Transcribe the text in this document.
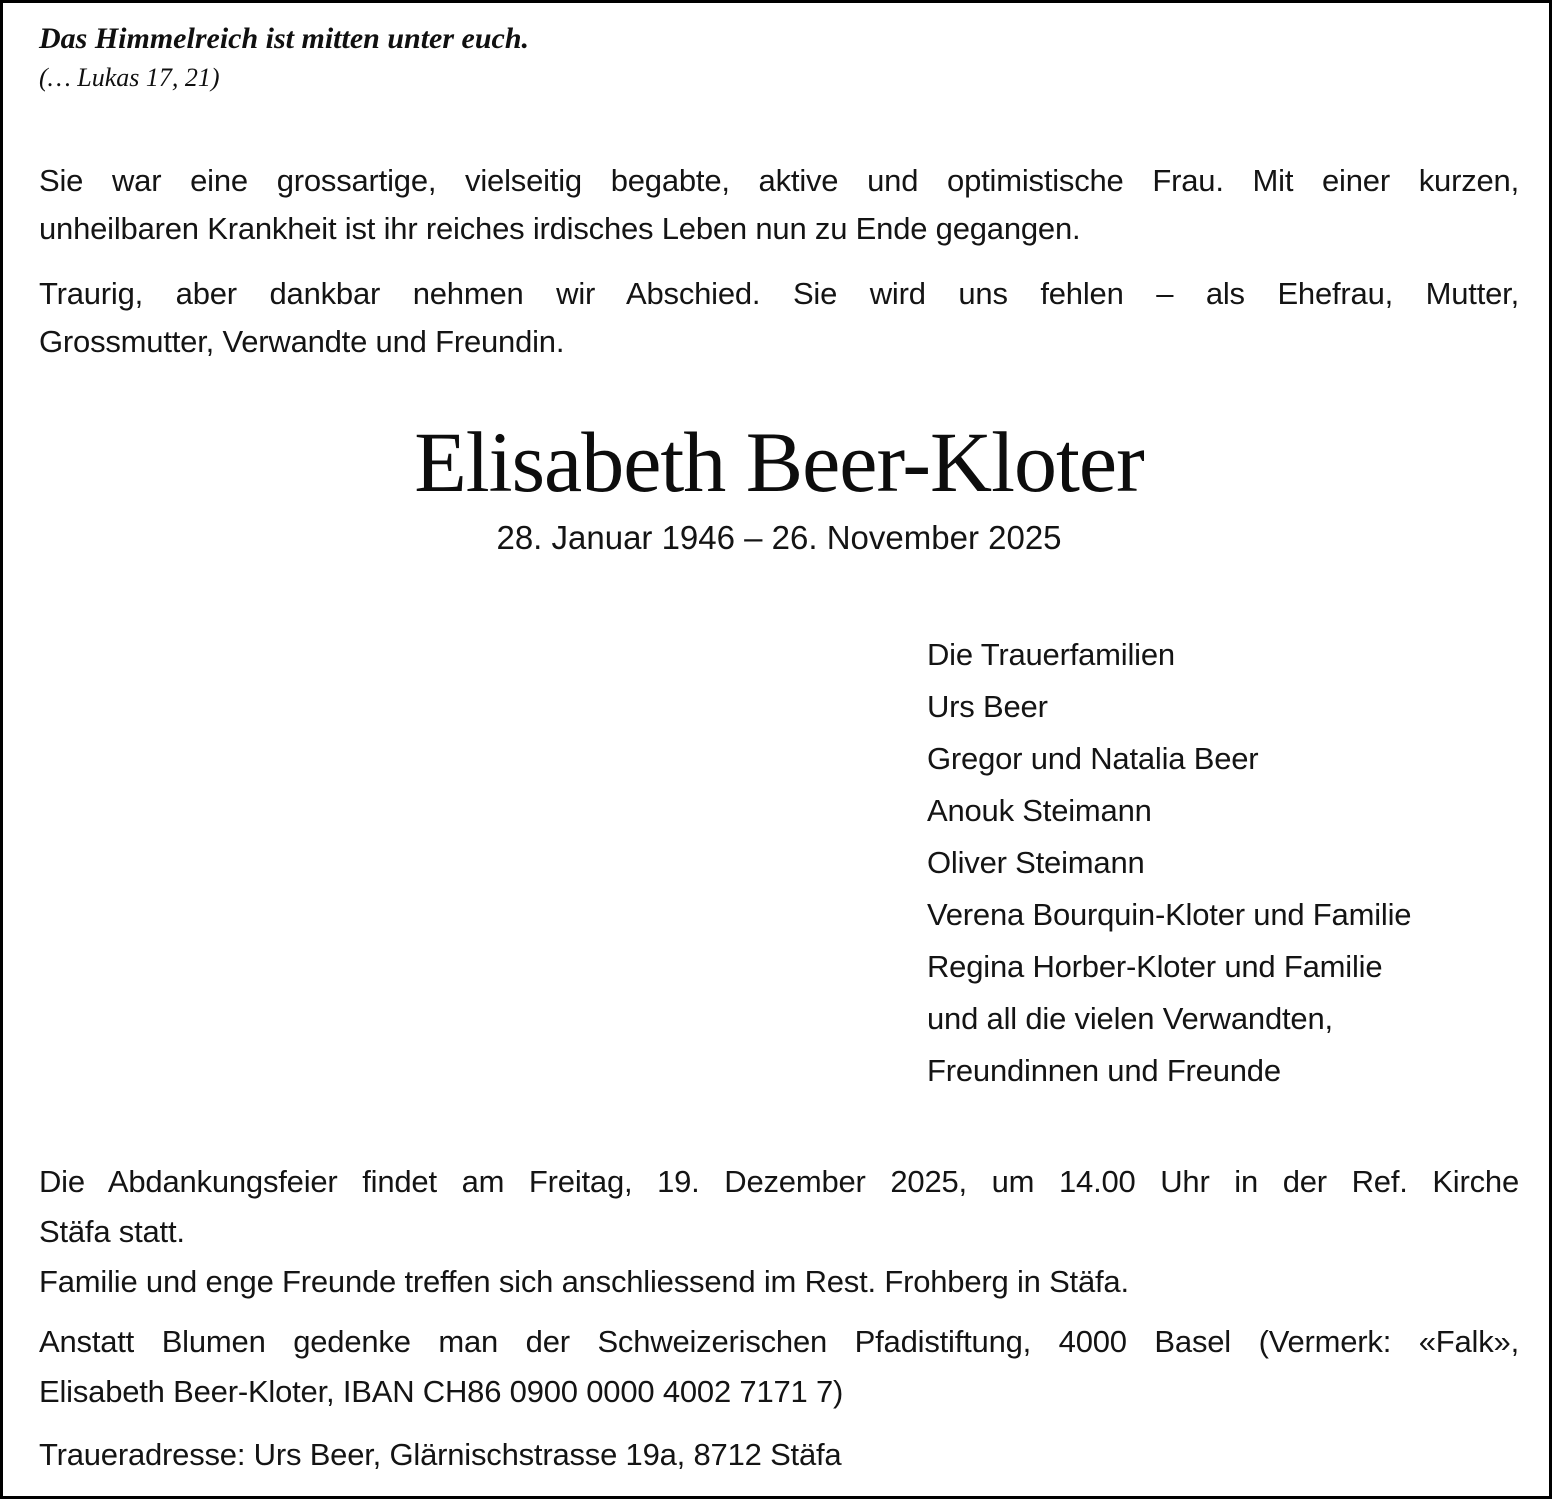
Das Himmelreich ist mitten unter euch.
(… Lukas 17, 21)
Sie war eine grossartige, vielseitig begabte, aktive und optimistische Frau. Mit einer kurzen,
unheilbaren Krankheit ist ihr reiches irdisches Leben nun zu Ende gegangen.
Traurig, aber dankbar nehmen wir Abschied. Sie wird uns fehlen – als Ehefrau, Mutter,
Grossmutter, Verwandte und Freundin.
Elisabeth Beer-Kloter
28. Januar 1946 – 26. November 2025
Die Trauerfamilien
Urs Beer
Gregor und Natalia Beer
Anouk Steimann
Oliver Steimann
Verena Bourquin-Kloter und Familie
Regina Horber-Kloter und Familie
und all die vielen Verwandten,
Freundinnen und Freunde
Die Abdankungsfeier findet am Freitag, 19. Dezember 2025, um 14.00 Uhr in der Ref. Kirche
Stäfa statt.
Familie und enge Freunde treffen sich anschliessend im Rest. Frohberg in Stäfa.
Anstatt Blumen gedenke man der Schweizerischen Pfadistiftung, 4000 Basel (Vermerk: «Falk»,
Elisabeth Beer-Kloter, IBAN CH86 0900 0000 4002 7171 7)
Traueradresse: Urs Beer, Glärnischstrasse 19a, 8712 Stäfa
